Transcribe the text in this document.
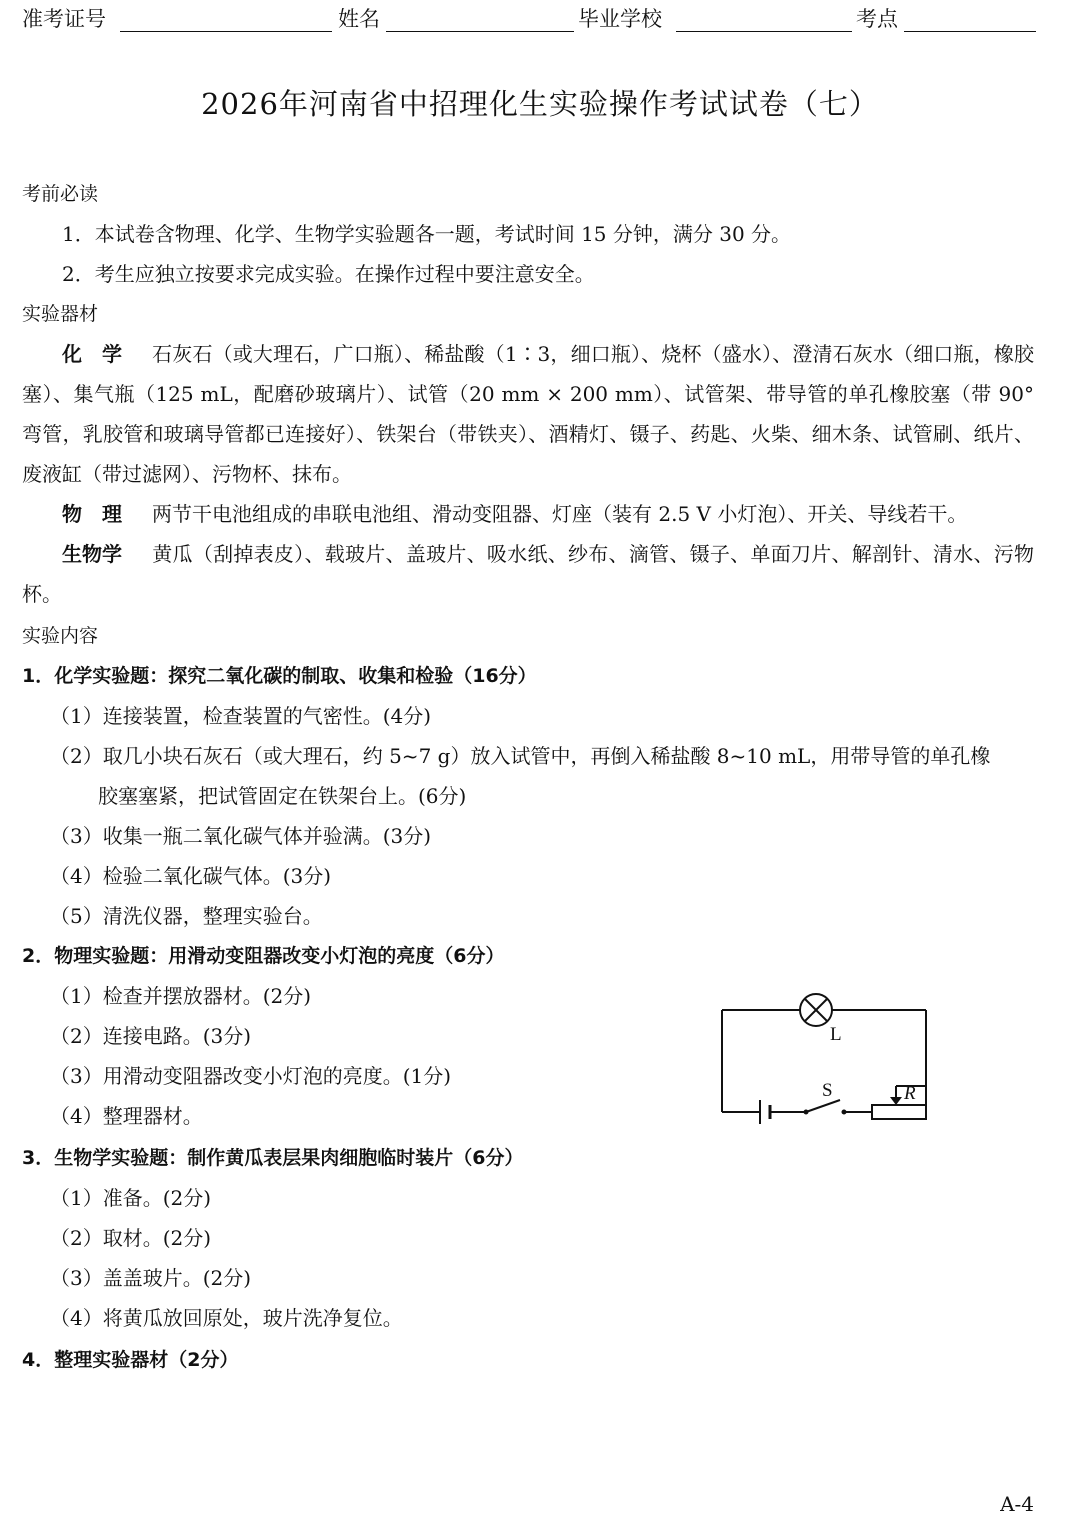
准考证号	姓名	毕业学校	考点
2026年河南省中招理化生实验操作考试试卷（七）
考前必读
1．本试卷含物理、化学、生物学实验题各一题，考试时间 15 分钟，满分 30 分。
2．考生应独立按要求完成实验。在操作过程中要注意安全。
实验器材
化　学 石灰石（或大理石，广口瓶）、稀盐酸（1∶3，细口瓶）、烧杯（盛水）、澄清石灰水（细口瓶，橡胶塞）、集气瓶（125 mL，配磨砂玻璃片）、试管（20 mm × 200 mm）、试管架、带导管的单孔橡胶塞（带 90° 弯管，乳胶管和玻璃导管都已连接好）、铁架台（带铁夹）、酒精灯、镊子、药匙、火柴、细木条、试管刷、纸片、废液缸（带过滤网）、污物杯、抹布。
物　理 两节干电池组成的串联电池组、滑动变阻器、灯座（装有 2.5 V 小灯泡）、开关、导线若干。
生物学 黄瓜（刮掉表皮）、载玻片、盖玻片、吸水纸、纱布、滴管、镊子、单面刀片、解剖针、清水、污物杯。
实验内容
1．化学实验题：探究二氧化碳的制取、收集和检验（16分）
（1）连接装置，检查装置的气密性。(4分)
（2）取几小块石灰石（或大理石，约 5~7 g）放入试管中，再倒入稀盐酸 8~10 mL，用带导管的单孔橡
胶塞塞紧，把试管固定在铁架台上。(6分)
（3）收集一瓶二氧化碳气体并验满。(3分)
（4）检验二氧化碳气体。(3分)
（5）清洗仪器，整理实验台。
2．物理实验题：用滑动变阻器改变小灯泡的亮度（6分）
（1）检查并摆放器材。(2分)
（2）连接电路。(3分)
（3）用滑动变阻器改变小灯泡的亮度。(1分)
（4）整理器材。
L
S	R
3．生物学实验题：制作黄瓜表层果肉细胞临时装片（6分）
（1）准备。(2分)
（2）取材。(2分)
（3）盖盖玻片。(2分)
（4）将黄瓜放回原处，玻片洗净复位。
4．整理实验器材（2分）
A-4
